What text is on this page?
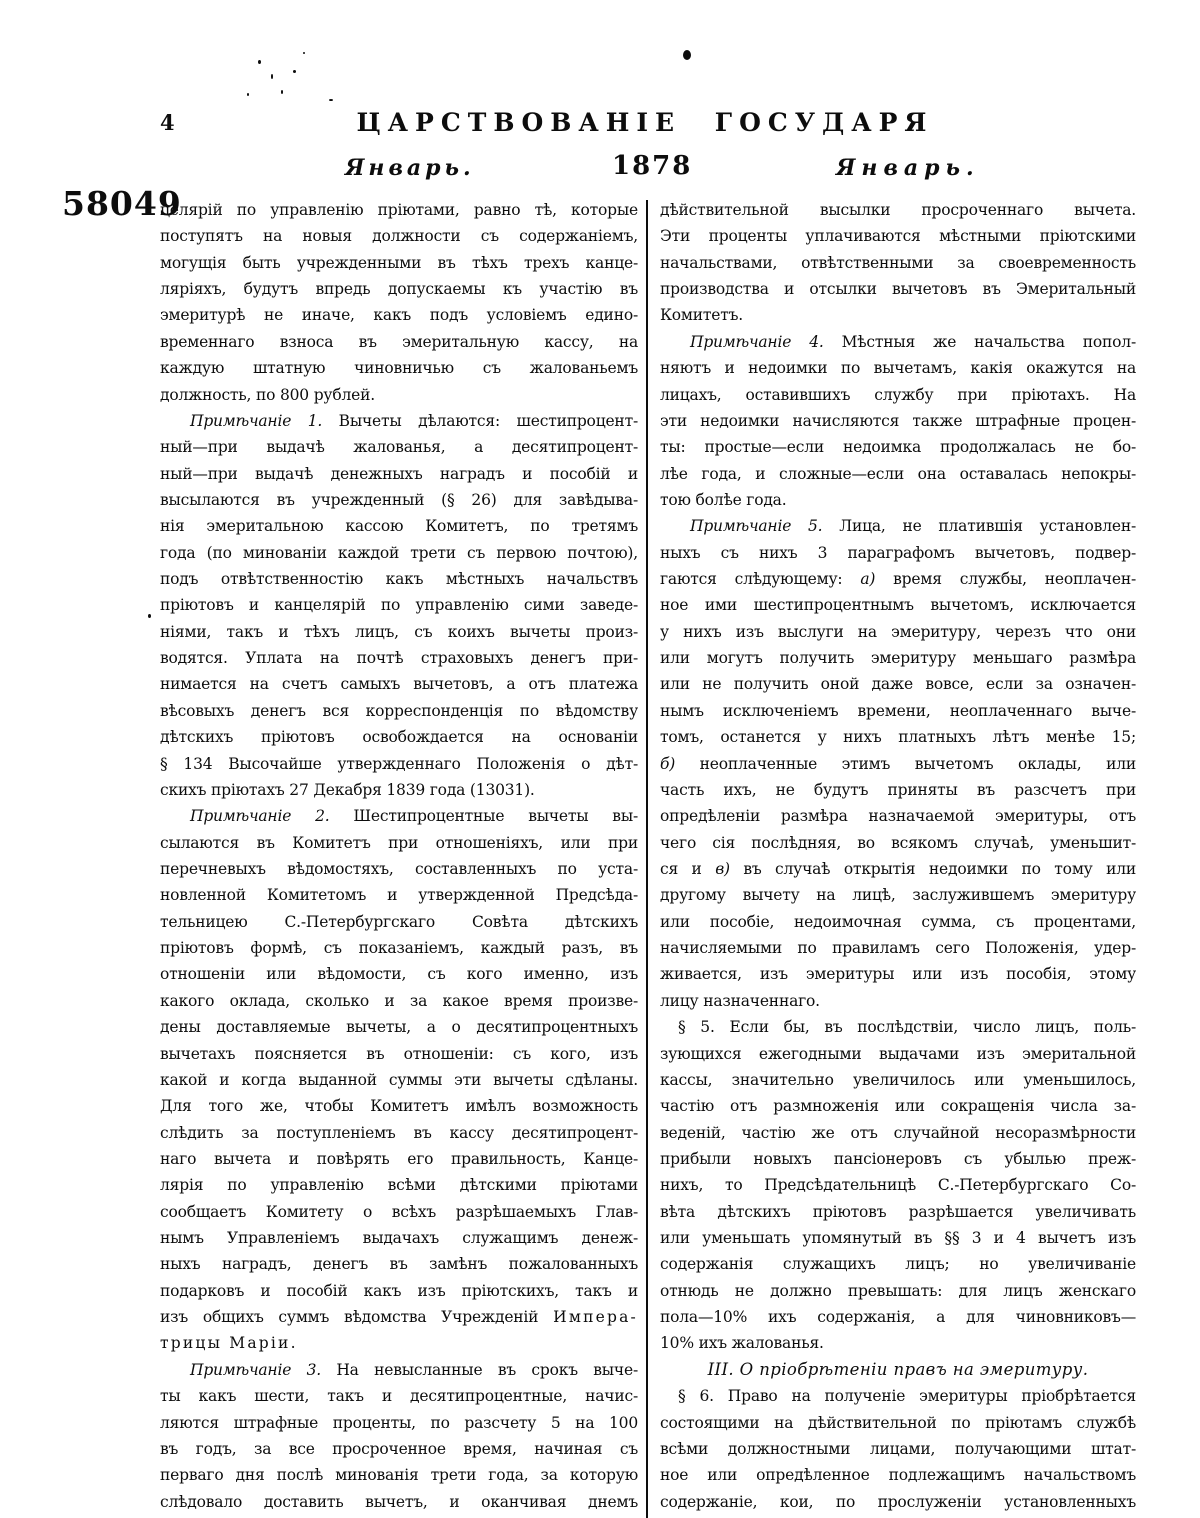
4	ЦАРСТВОВАНІЕ ГОСУДАРЯ
Январь.	1878	Январь.
58049
целярій по управленію пріютами, равно тѣ, которые
поступятъ на новыя должности съ содержаніемъ,
могущія быть учрежденными въ тѣхъ трехъ канце-
ляріяхъ, будутъ впредь допускаемы къ участію въ
эмеритурѣ не иначе, какъ подъ условіемъ едино-
временнаго взноса въ эмеритальную кассу, на
каждую штатную чиновничью съ жалованьемъ
должность, по 800 рублей.
Примѣчаніе 1. Вычеты дѣлаются: шестипроцент-
ный—при выдачѣ жалованья, а десятипроцент-
ный—при выдачѣ денежныхъ наградъ и пособій и
высылаются въ учрежденный (§ 26) для завѣдыва-
нія эмеритальною кассою Комитетъ, по третямъ
года (по минованіи каждой трети съ первою почтою),
подъ отвѣтственностію какъ мѣстныхъ начальствъ
пріютовъ и канцелярій по управленію сими заведе-
ніями, такъ и тѣхъ лицъ, съ коихъ вычеты произ-
водятся. Уплата на почтѣ страховыхъ денегъ при-
нимается на счетъ самыхъ вычетовъ, а отъ платежа
вѣсовыхъ денегъ вся корреспонденція по вѣдомству
дѣтскихъ пріютовъ освобождается на основаніи
§ 134 Высочайше утвержденнаго Положенія о дѣт-
скихъ пріютахъ 27 Декабря 1839 года (13031).
Примѣчаніе 2. Шестипроцентные вычеты вы-
сылаются въ Комитетъ при отношеніяхъ, или при
перечневыхъ вѣдомостяхъ, составленныхъ по уста-
новленной Комитетомъ и утвержденной Предсѣда-
тельницею С.-Петербургскаго Совѣта дѣтскихъ
пріютовъ формѣ, съ показаніемъ, каждый разъ, въ
отношеніи или вѣдомости, съ кого именно, изъ
какого оклада, сколько и за какое время произве-
дены доставляемые вычеты, а о десятипроцентныхъ
вычетахъ поясняется въ отношеніи: съ кого, изъ
какой и когда выданной суммы эти вычеты сдѣланы.
Для того же, чтобы Комитетъ имѣлъ возможность
слѣдить за поступленіемъ въ кассу десятипроцент-
наго вычета и повѣрять его правильность, Канце-
лярія по управленію всѣми дѣтскими пріютами
сообщаетъ Комитету о всѣхъ разрѣшаемыхъ Глав-
нымъ Управленіемъ выдачахъ служащимъ денеж-
ныхъ наградъ, денегъ въ замѣнъ пожалованныхъ
подарковъ и пособій какъ изъ пріютскихъ, такъ и
изъ общихъ суммъ вѣдомства Учрежденій Импера-
трицы Маріи.
Примѣчаніе 3. На невысланные въ срокъ выче-
ты какъ шести, такъ и десятипроцентные, начис-
ляются штрафные проценты, по разсчету 5 на 100
въ годъ, за все просроченное время, начиная съ
перваго дня послѣ минованія трети года, за которую
слѣдовало доставить вычетъ, и оканчивая днемъ
дѣйствительной высылки просроченнаго вычета.
Эти проценты уплачиваются мѣстными пріютскими
начальствами, отвѣтственными за своевременность
производства и отсылки вычетовъ въ Эмеритальный
Комитетъ.
Примѣчаніе 4. Мѣстныя же начальства попол-
няютъ и недоимки по вычетамъ, какія окажутся на
лицахъ, оставившихъ службу при пріютахъ. На
эти недоимки начисляются также штрафные процен-
ты: простые—если недоимка продолжалась не бо-
лѣе года, и сложные—если она оставалась непокры-
тою болѣе года.
Примѣчаніе 5. Лица, не платившія установлен-
ныхъ съ нихъ 3 параграфомъ вычетовъ, подвер-
гаются слѣдующему: а) время службы, неоплачен-
ное ими шестипроцентнымъ вычетомъ, исключается
у нихъ изъ выслуги на эмеритуру, черезъ что они
или могутъ получить эмеритуру меньшаго размѣра
или не получить оной даже вовсе, если за означен-
нымъ исключеніемъ времени, неоплаченнаго выче-
томъ, останется у нихъ платныхъ лѣтъ менѣе 15;
б) неоплаченные этимъ вычетомъ оклады, или
часть ихъ, не будутъ приняты въ разсчетъ при
опредѣленіи размѣра назначаемой эмеритуры, отъ
чего сія послѣдняя, во всякомъ случаѣ, уменьшит-
ся и в) въ случаѣ открытія недоимки по тому или
другому вычету на лицѣ, заслужившемъ эмеритуру
или пособіе, недоимочная сумма, съ процентами,
начисляемыми по правиламъ сего Положенія, удер-
живается, изъ эмеритуры или изъ пособія, этому
лицу назначеннаго.
§ 5. Если бы, въ послѣдствіи, число лицъ, поль-
зующихся ежегодными выдачами изъ эмеритальной
кассы, значительно увеличилось или уменьшилось,
частію отъ размноженія или сокращенія числа за-
веденій, частію же отъ случайной несоразмѣрности
прибыли новыхъ пансіонеровъ съ убылью преж-
нихъ, то Предсѣдательницѣ С.-Петербургскаго Со-
вѣта дѣтскихъ пріютовъ разрѣшается увеличивать
или уменьшать упомянутый въ §§ 3 и 4 вычетъ изъ
содержанія служащихъ лицъ; но увеличиваніе
отнюдь не должно превышать: для лицъ женскаго
пола—10% ихъ содержанія, а для чиновниковъ—
10% ихъ жалованья.
III. О пріобрѣтеніи правъ на эмеритуру.
§ 6. Право на полученіе эмеритуры пріобрѣтается
состоящими на дѣйствительной по пріютамъ службѣ
всѣми должностными лицами, получающими штат-
ное или опредѣленное подлежащимъ начальствомъ
содержаніе, кои, по прослуженіи установленныхъ
